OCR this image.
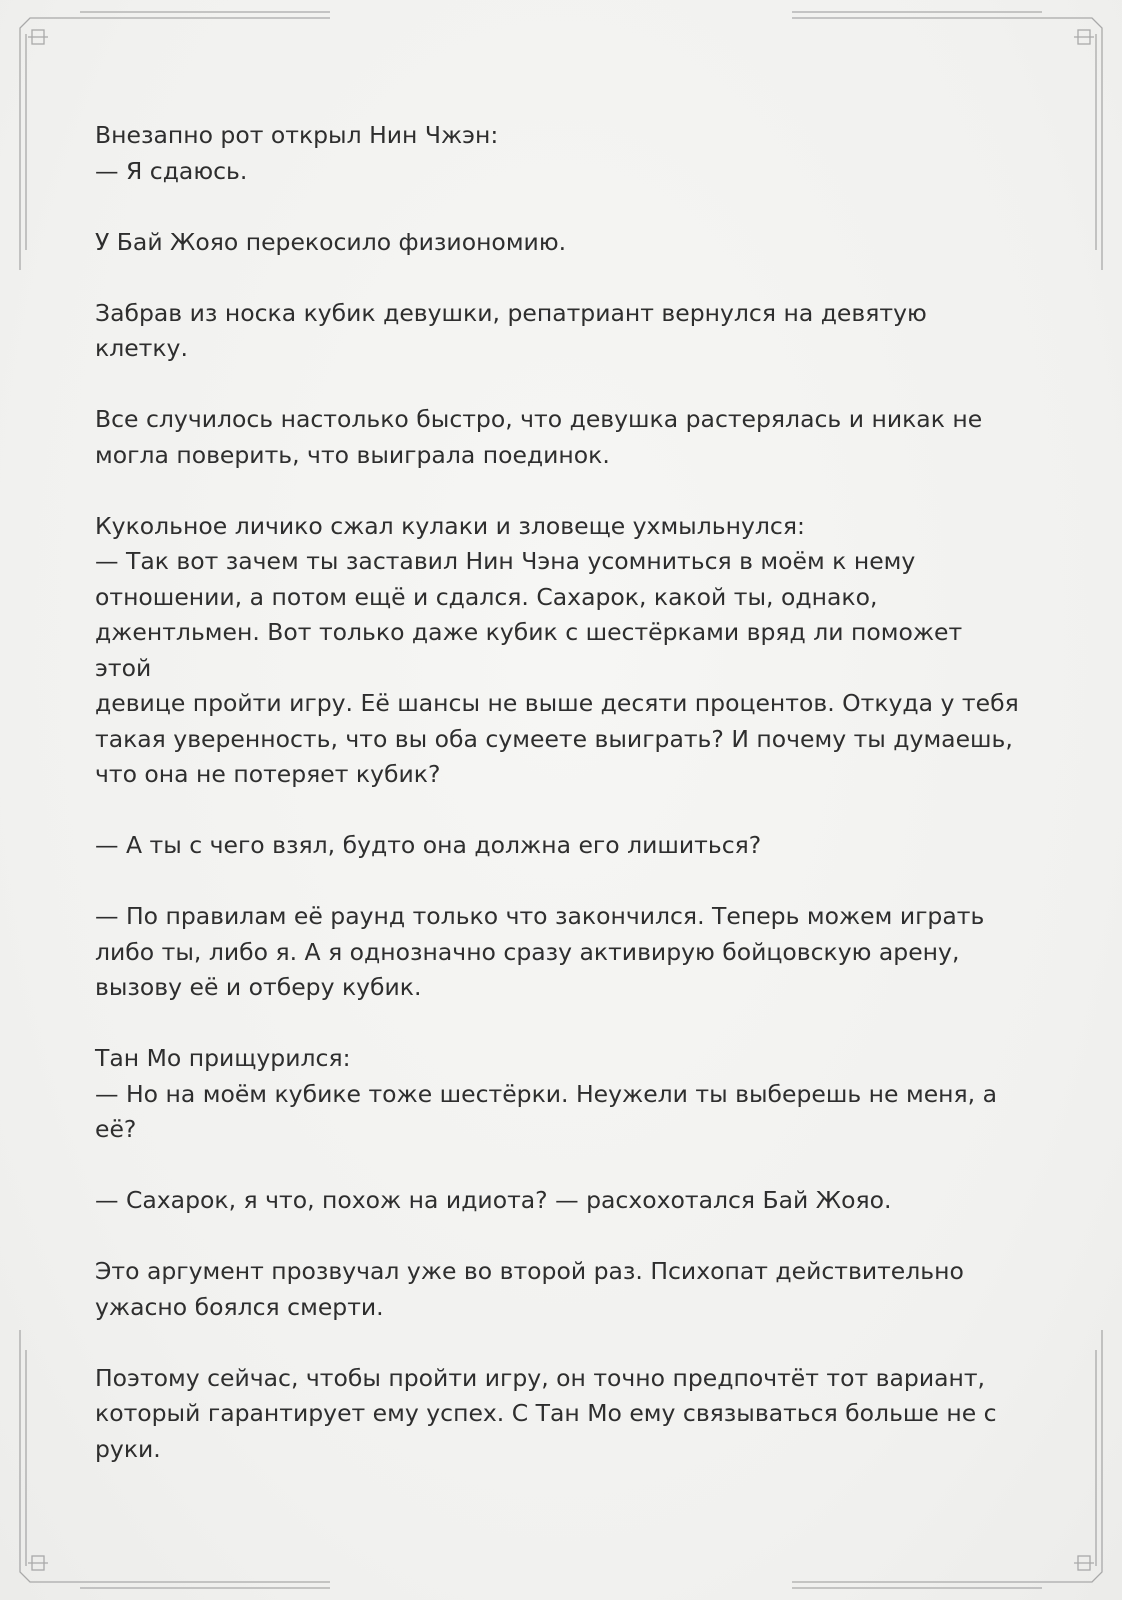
Внезапно рот открыл Нин Чжэн:
— Я сдаюсь.

У Бай Жояо перекосило физиономию.

Забрав из носка кубик девушки, репатриант вернулся на девятую клетку.

Все случилось настолько быстро, что девушка растерялась и никак не
могла поверить, что выиграла поединок.

Кукольное личико сжал кулаки и зловеще ухмыльнулся:
— Так вот зачем ты заставил Нин Чэна усомниться в моём к нему
отношении, а потом ещё и сдался. Сахарок, какой ты, однако,
джентльмен. Вот только даже кубик с шестёрками вряд ли поможет этой
девице пройти игру. Её шансы не выше десяти процентов. Откуда у тебя
такая уверенность, что вы оба сумеете выиграть? И почему ты думаешь,
что она не потеряет кубик?

— А ты с чего взял, будто она должна его лишиться?

— По правилам её раунд только что закончился. Теперь можем играть
либо ты, либо я. А я однозначно сразу активирую бойцовскую арену,
вызову её и отберу кубик.

Тан Мо прищурился:
— Но на моём кубике тоже шестёрки. Неужели ты выберешь не меня, а
её?

— Сахарок, я что, похож на идиота? — расхохотался Бай Жояо.

Это аргумент прозвучал уже во второй раз. Психопат действительно
ужасно боялся смерти.

Поэтому сейчас, чтобы пройти игру, он точно предпочтёт тот вариант,
который гарантирует ему успех. С Тан Мо ему связываться больше не с
руки.
